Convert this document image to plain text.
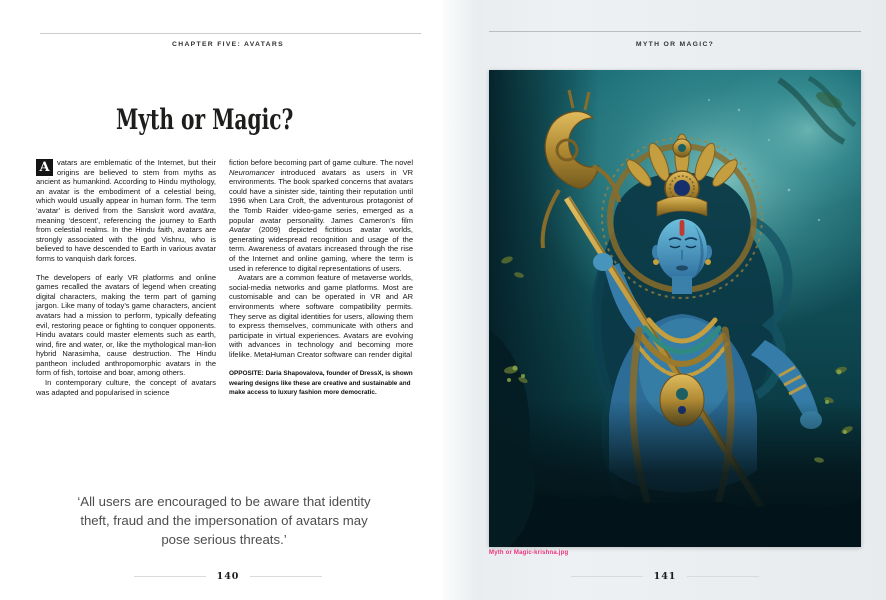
CHAPTER FIVE: AVATARS
Myth or Magic?

A vatars are emblematic of the Internet, but their origins are believed to stem from myths as ancient as humankind. According to Hindu mythology, an avatar is the embodiment of a celestial being, which would usually appear in human form. The term ‘avatar’ is derived from the Sanskrit word avatāra, meaning ‘descent’, referencing the journey to Earth from celestial realms. In the Hindu faith, avatars are strongly associated with the god Vishnu, who is believed to have descended to Earth in various avatar forms to vanquish dark forces.

The developers of early VR platforms and online games recalled the avatars of legend when creating digital characters, making the term part of gaming jargon. Like many of today’s game characters, ancient avatars had a mission to perform, typically defeating evil, restoring peace or fighting to conquer opponents. Hindu avatars could master elements such as earth, wind, fire and water, or, like the mythological man-lion hybrid Narasimha, cause destruction. The Hindu pantheon included anthropomorphic avatars in the form of fish, tortoise and boar, among others.

In contemporary culture, the concept of avatars was adapted and popularised in science

fiction before becoming part of game culture. The novel Neuromancer introduced avatars as users in VR environments. The book sparked concerns that avatars could have a sinister side, tainting their reputation until 1996 when Lara Croft, the adventurous protagonist of the Tomb Raider video-game series, emerged as a popular avatar personality. James Cameron’s film Avatar (2009) depicted fictitious avatar worlds, generating widespread recognition and usage of the term. Awareness of avatars increased through the rise of the Internet and online gaming, where the term is used in reference to digital representations of users.

Avatars are a common feature of metaverse worlds, social-media networks and game platforms. Most are customisable and can be operated in VR and AR environments where software compatibility permits. They serve as digital identities for users, allowing them to express themselves, communicate with others and participate in virtual experiences. Avatars are evolving with advances in technology and becoming more lifelike. MetaHuman Creator software can render digital

OPPOSITE: Daria Shapovalova, founder of DressX, is shown wearing designs like these are creative and sustainable and make access to luxury fashion more democratic.

‘All users are encouraged to be aware that identity theft, fraud and the impersonation of avatars may pose serious threats.’
140
MYTH OR MAGIC?
Myth or Magic-krishna.jpg
141
